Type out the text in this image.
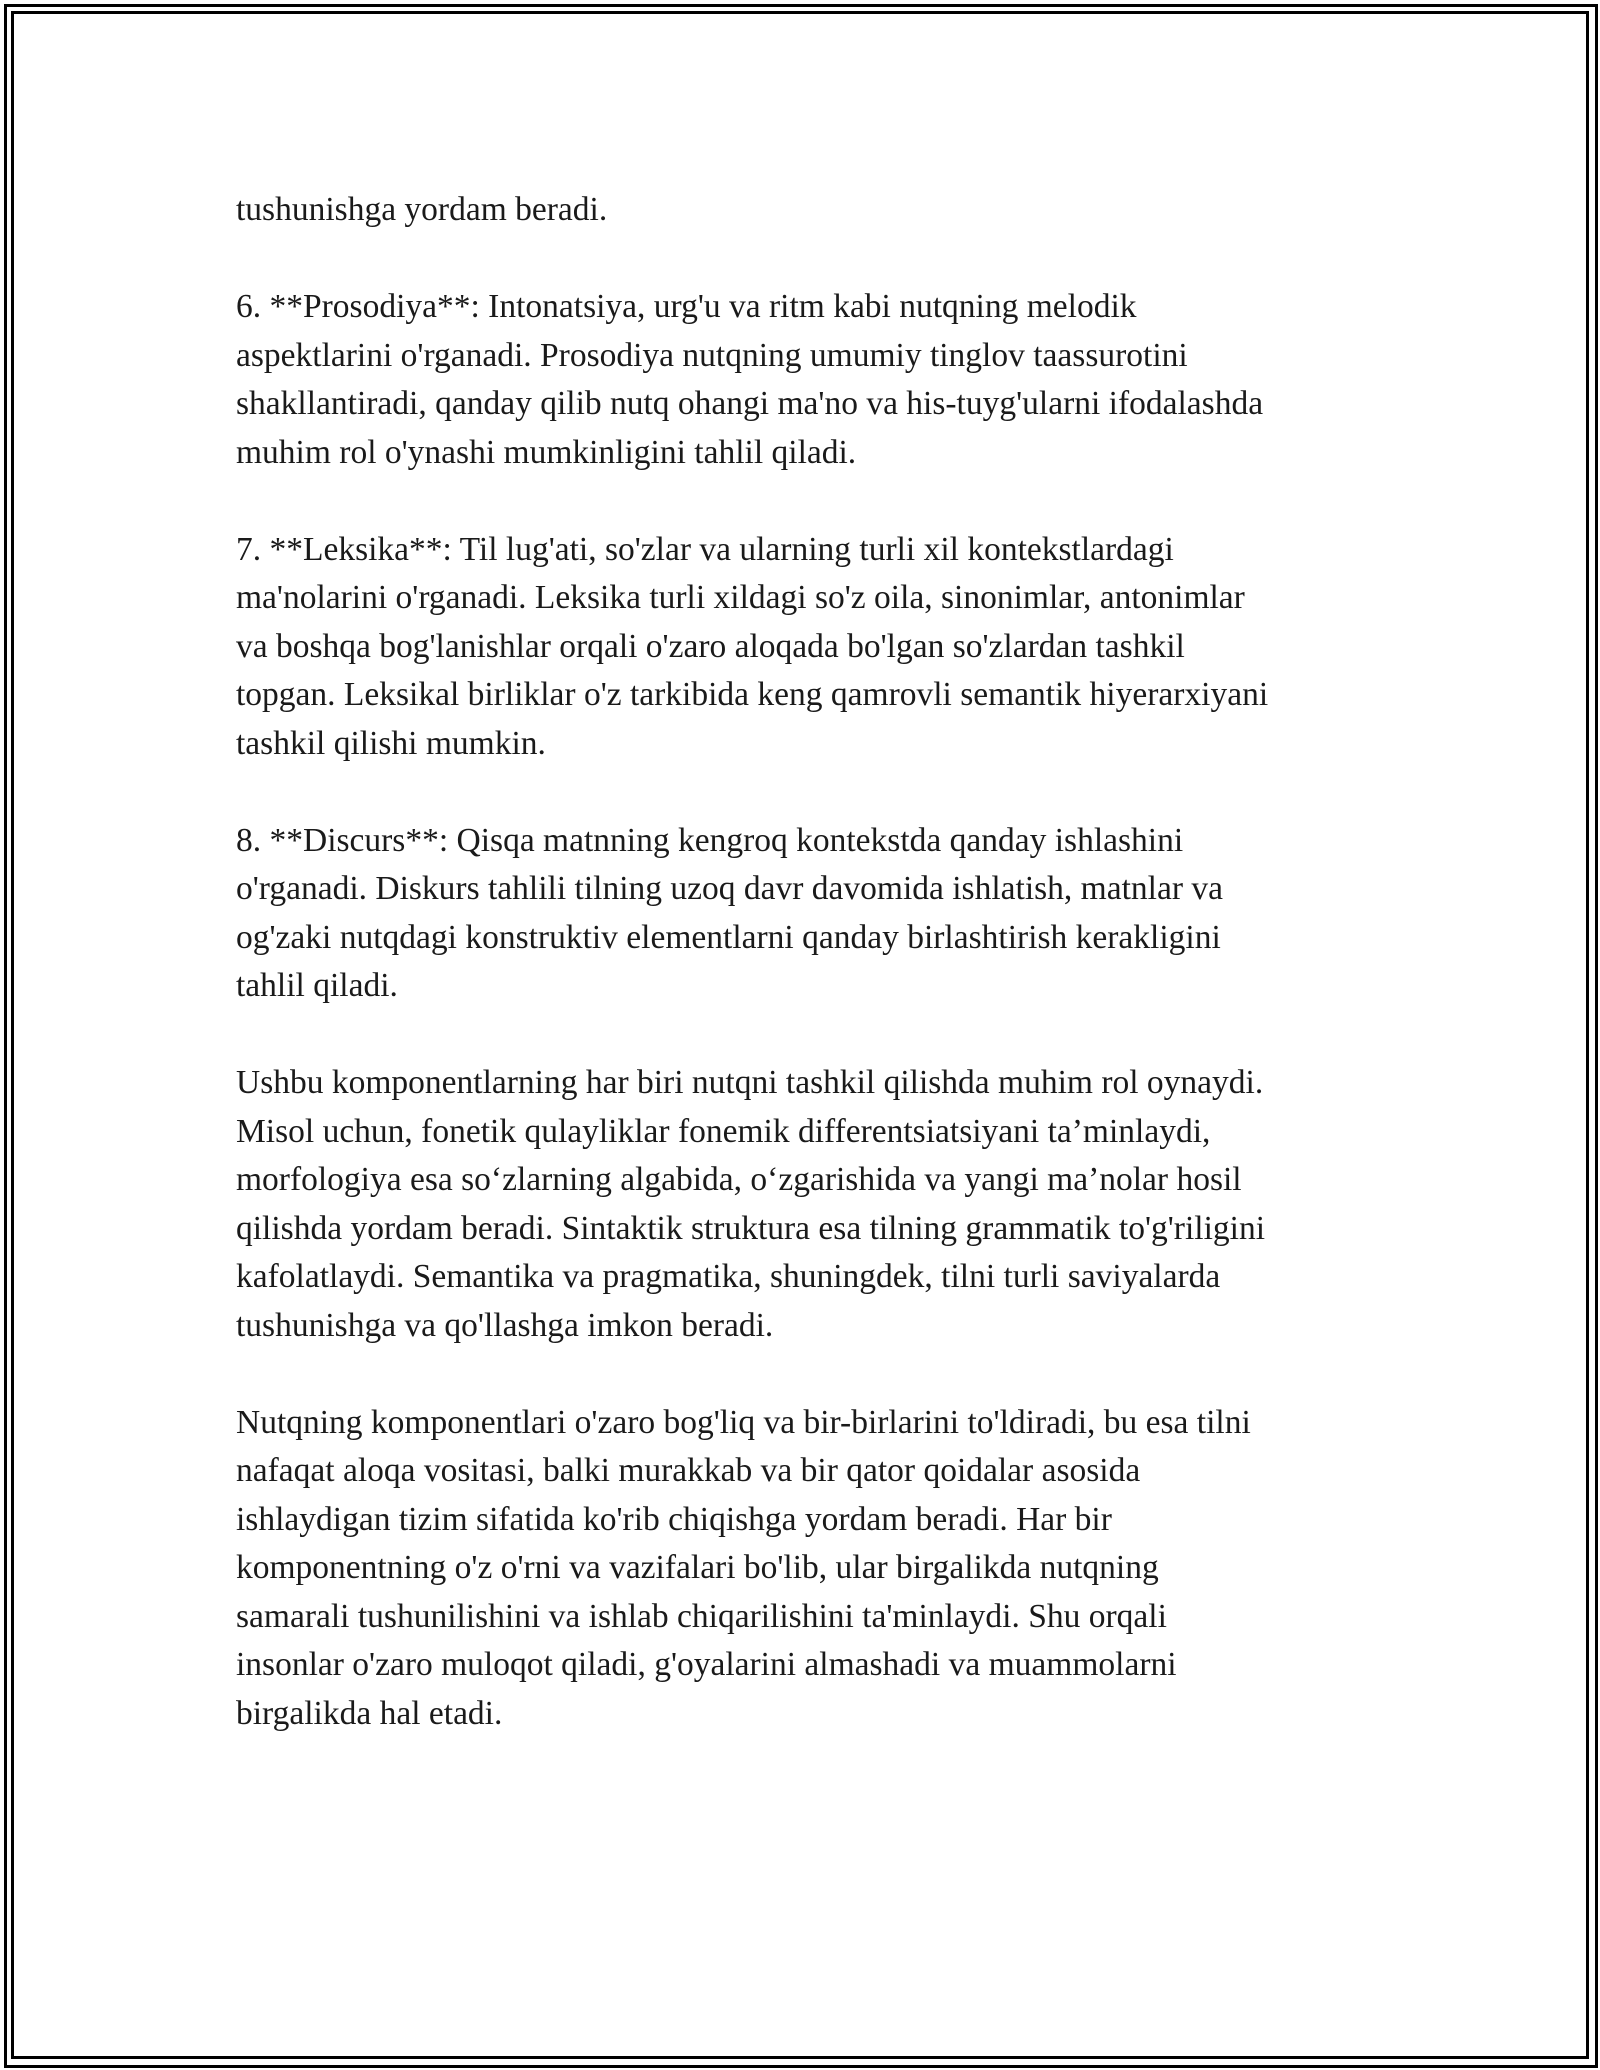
tushunishga yordam beradi.

6. **Prosodiya**: Intonatsiya, urg'u va ritm kabi nutqning melodik
aspektlarini o'rganadi. Prosodiya nutqning umumiy tinglov taassurotini
shakllantiradi, qanday qilib nutq ohangi ma'no va his-tuyg'ularni ifodalashda
muhim rol o'ynashi mumkinligini tahlil qiladi.

7. **Leksika**: Til lug'ati, so'zlar va ularning turli xil kontekstlardagi
ma'nolarini o'rganadi. Leksika turli xildagi so'z oila, sinonimlar, antonimlar
va boshqa bog'lanishlar orqali o'zaro aloqada bo'lgan so'zlardan tashkil
topgan. Leksikal birliklar o'z tarkibida keng qamrovli semantik hiyerarxiyani
tashkil qilishi mumkin.

8. **Discurs**: Qisqa matnning kengroq kontekstda qanday ishlashini
o'rganadi. Diskurs tahlili tilning uzoq davr davomida ishlatish, matnlar va
og'zaki nutqdagi konstruktiv elementlarni qanday birlashtirish kerakligini
tahlil qiladi.

Ushbu komponentlarning har biri nutqni tashkil qilishda muhim rol oynaydi.
Misol uchun, fonetik qulayliklar fonemik differentsiatsiyani ta’minlaydi,
morfologiya esa so‘zlarning algabida, o‘zgarishida va yangi ma’nolar hosil
qilishda yordam beradi. Sintaktik struktura esa tilning grammatik to'g'riligini
kafolatlaydi. Semantika va pragmatika, shuningdek, tilni turli saviyalarda
tushunishga va qo'llashga imkon beradi.

Nutqning komponentlari o'zaro bog'liq va bir-birlarini to'ldiradi, bu esa tilni
nafaqat aloqa vositasi, balki murakkab va bir qator qoidalar asosida
ishlaydigan tizim sifatida ko'rib chiqishga yordam beradi. Har bir
komponentning o'z o'rni va vazifalari bo'lib, ular birgalikda nutqning
samarali tushunilishini va ishlab chiqarilishini ta'minlaydi. Shu orqali
insonlar o'zaro muloqot qiladi, g'oyalarini almashadi va muammolarni
birgalikda hal etadi.
